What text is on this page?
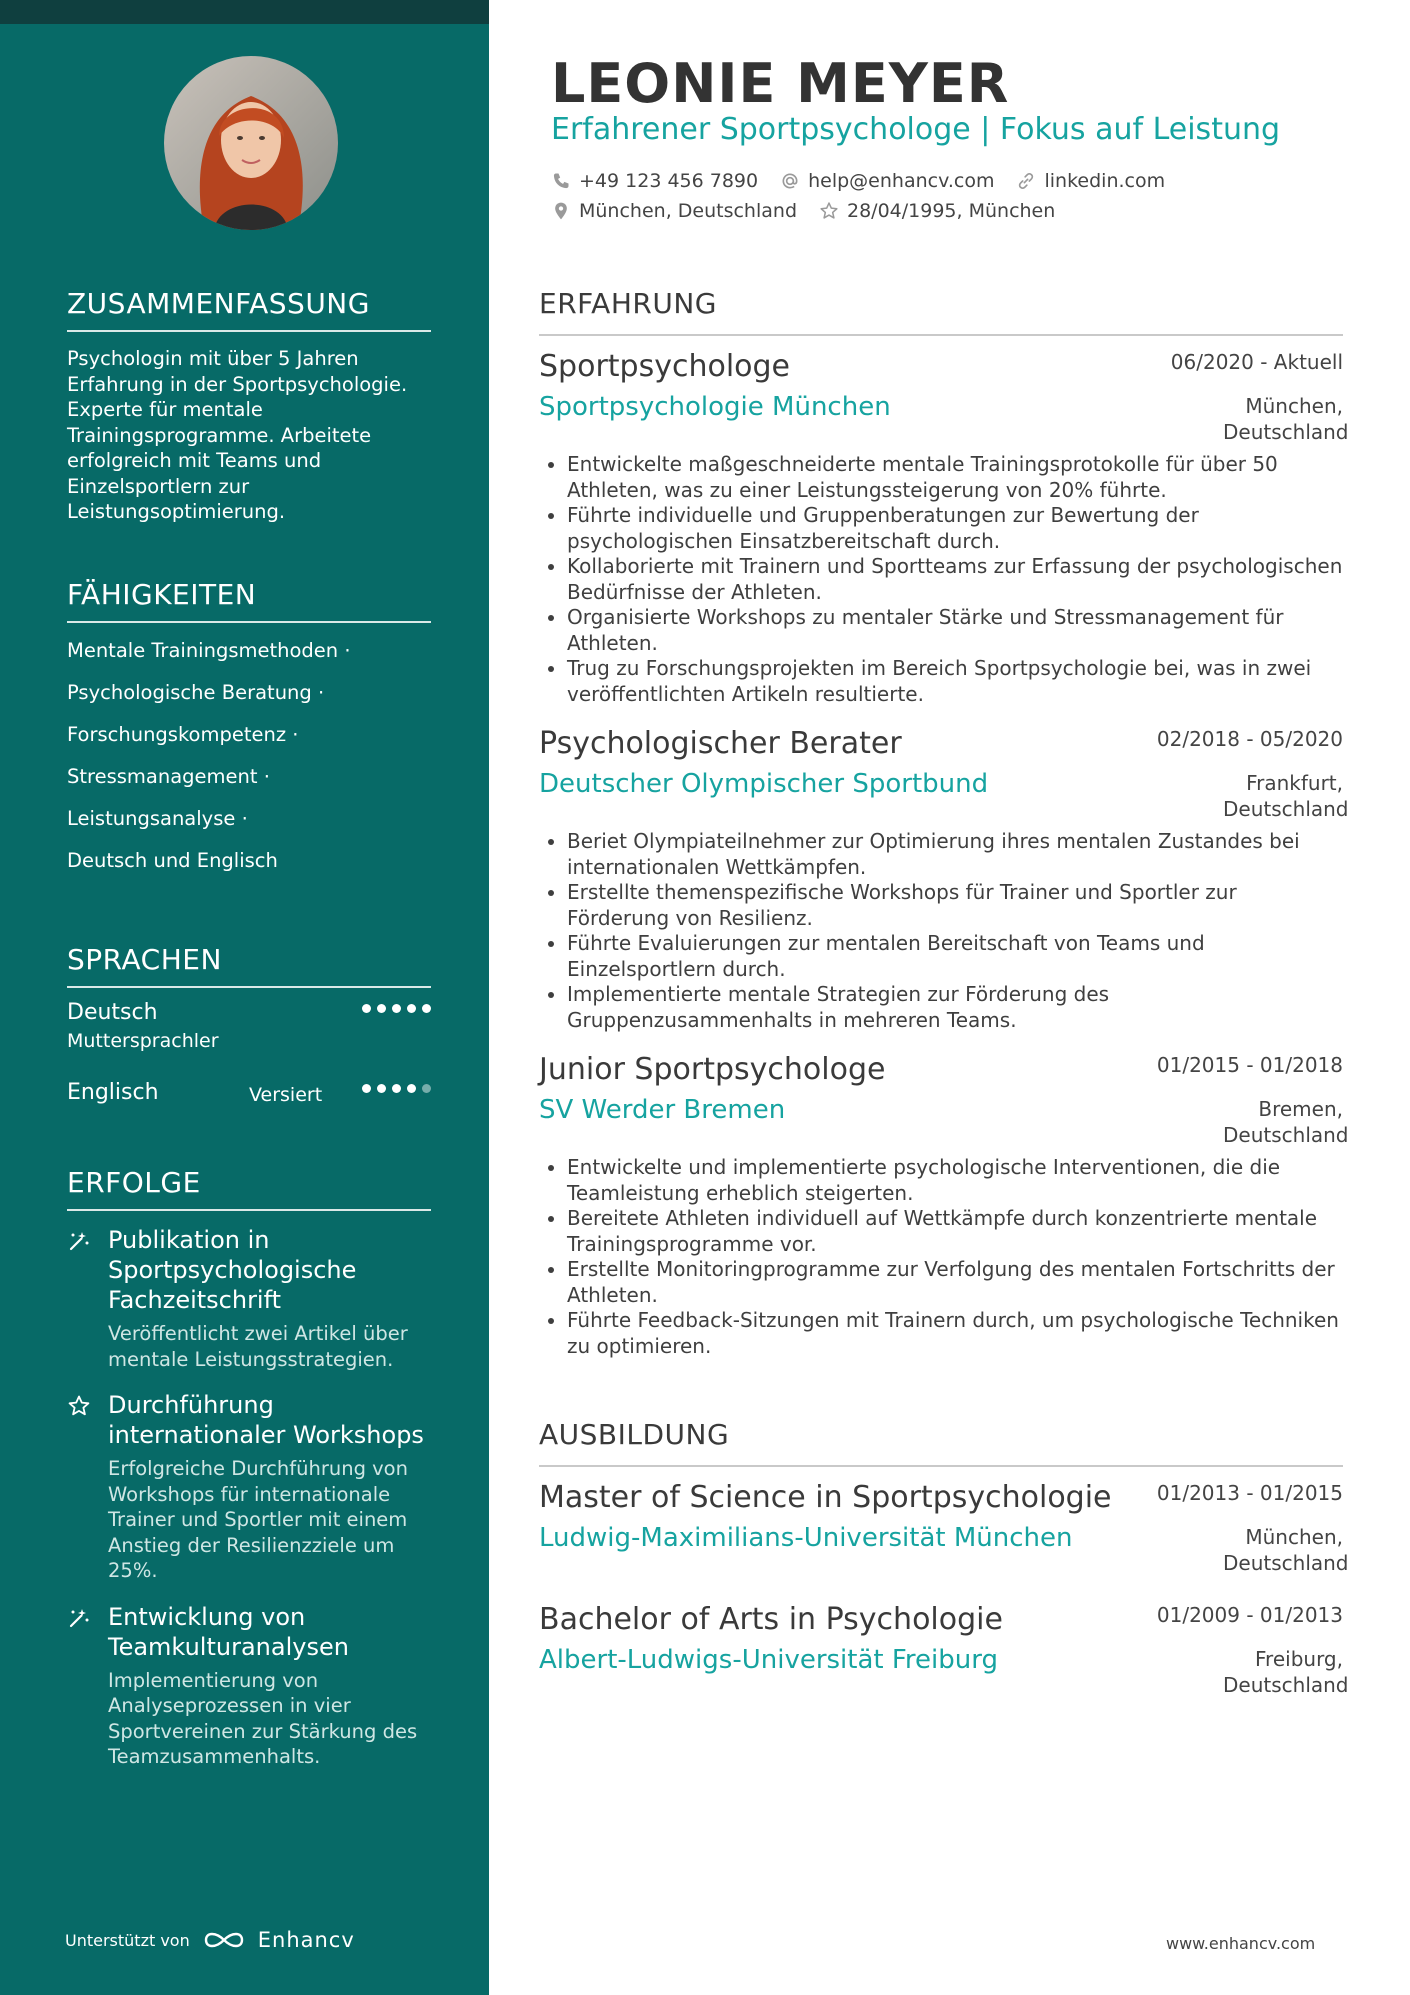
ZUSAMMENFASSUNG
Psychologin mit über 5 Jahren Erfahrung in der Sportpsychologie. Experte für mentale Trainingsprogramme. Arbeitete erfolgreich mit Teams und Einzelsportlern zur Leistungsoptimierung.
FÄHIGKEITEN
Mentale Trainingsmethoden ·
Psychologische Beratung ·
Forschungskompetenz ·
Stressmanagement ·
Leistungsanalyse ·
Deutsch und Englisch
SPRACHEN
Deutsch
Muttersprachler
Englisch	Versiert
ERFOLGE
Publikation in Sportpsychologische Fachzeitschrift
Veröffentlicht zwei Artikel über mentale Leistungsstrategien.
Durchführung internationaler Workshops
Erfolgreiche Durchführung von Workshops für internationale Trainer und Sportler mit einem Anstieg der Resilienzziele um 25%.
Entwicklung von Teamkulturanalysen
Implementierung von Analyseprozessen in vier Sportvereinen zur Stärkung des Teamzusammenhalts.
Unterstützt von	Enhancv
LEONIE MEYER
Erfahrener Sportpsychologe | Fokus auf Leistung
+49 123 456 7890	help@enhancv.com	linkedin.com
München, Deutschland	28/04/1995, München
ERFAHRUNG
Sportpsychologe	06/2020 - Aktuell
Sportpsychologie München	München, Deutschland
• Entwickelte maßgeschneiderte mentale Trainingsprotokolle für über 50 Athleten, was zu einer Leistungssteigerung von 20% führte.
• Führte individuelle und Gruppenberatungen zur Bewertung der psychologischen Einsatzbereitschaft durch.
• Kollaborierte mit Trainern und Sportteams zur Erfassung der psychologischen Bedürfnisse der Athleten.
• Organisierte Workshops zu mentaler Stärke und Stressmanagement für Athleten.
• Trug zu Forschungsprojekten im Bereich Sportpsychologie bei, was in zwei veröffentlichten Artikeln resultierte.
Psychologischer Berater	02/2018 - 05/2020
Deutscher Olympischer Sportbund	Frankfurt, Deutschland
• Beriet Olympiateilnehmer zur Optimierung ihres mentalen Zustandes bei internationalen Wettkämpfen.
• Erstellte themenspezifische Workshops für Trainer und Sportler zur Förderung von Resilienz.
• Führte Evaluierungen zur mentalen Bereitschaft von Teams und Einzelsportlern durch.
• Implementierte mentale Strategien zur Förderung des Gruppenzusammenhalts in mehreren Teams.
Junior Sportpsychologe	01/2015 - 01/2018
SV Werder Bremen	Bremen, Deutschland
• Entwickelte und implementierte psychologische Interventionen, die die Teamleistung erheblich steigerten.
• Bereitete Athleten individuell auf Wettkämpfe durch konzentrierte mentale Trainingsprogramme vor.
• Erstellte Monitoringprogramme zur Verfolgung des mentalen Fortschritts der Athleten.
• Führte Feedback-Sitzungen mit Trainern durch, um psychologische Techniken zu optimieren.
AUSBILDUNG
Master of Science in Sportpsychologie	01/2013 - 01/2015
Ludwig-Maximilians-Universität München	München, Deutschland
Bachelor of Arts in Psychologie	01/2009 - 01/2013
Albert-Ludwigs-Universität Freiburg	Freiburg, Deutschland
www.enhancv.com
